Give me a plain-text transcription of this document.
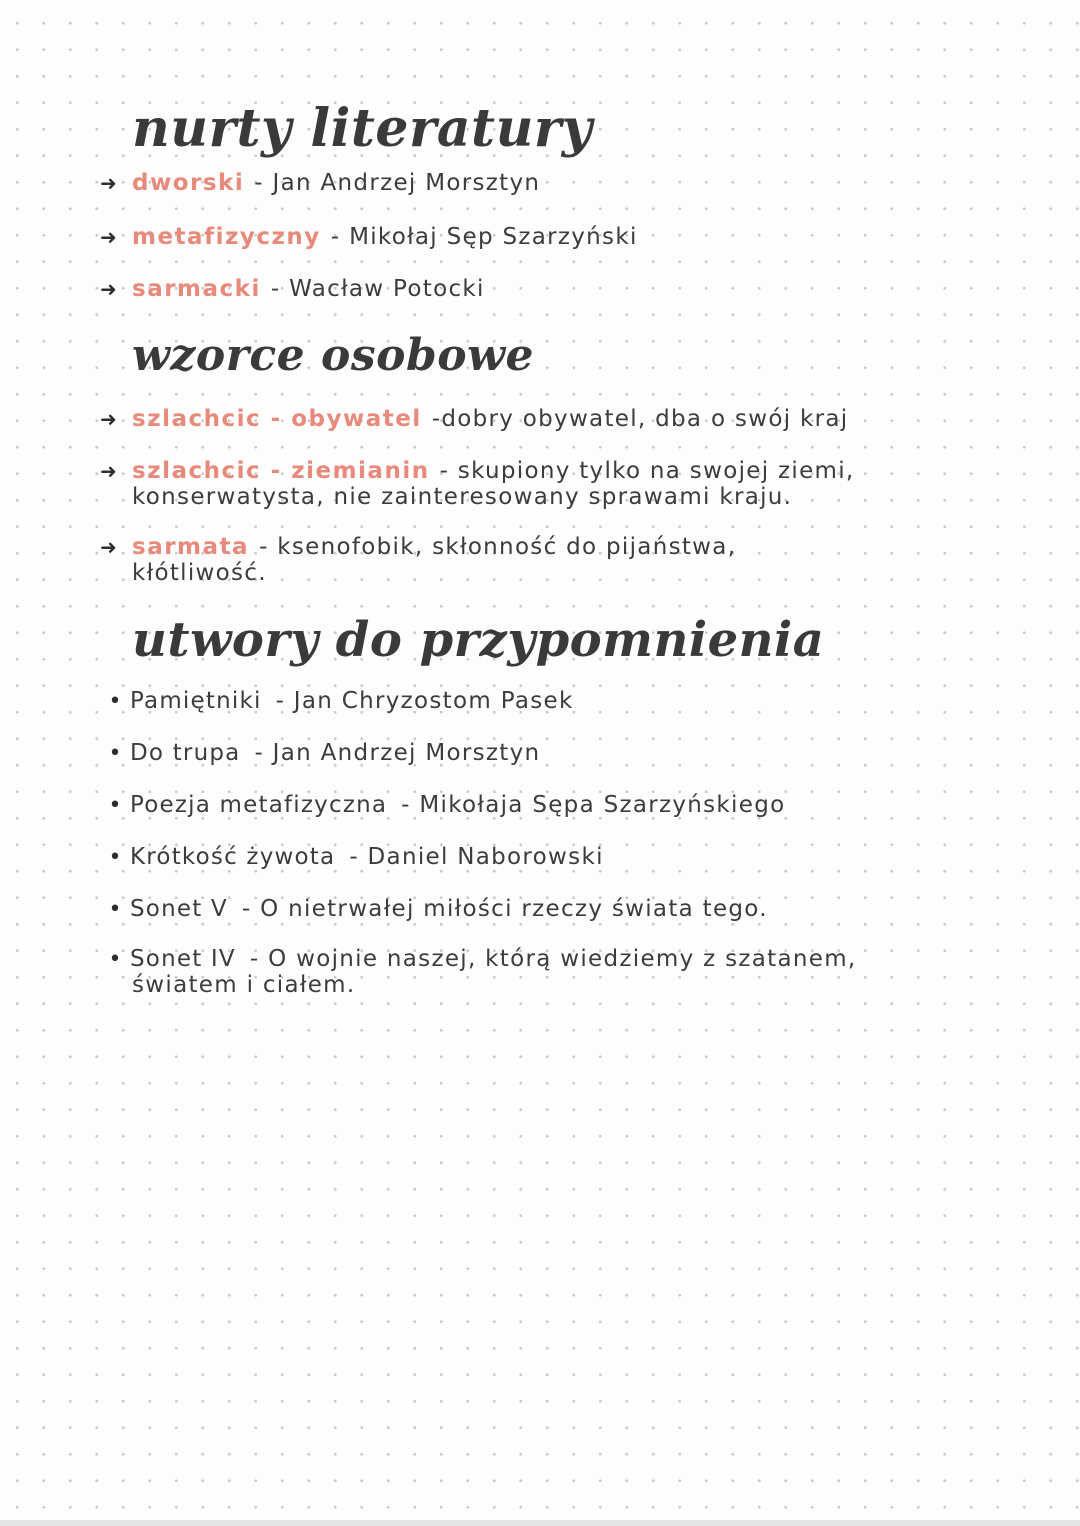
nurty literatury
➜ dworski - Jan Andrzej Morsztyn
➜ metafizyczny - Mikołaj Sęp Szarzyński
➜ sarmacki - Wacław Potocki
wzorce osobowe
➜ szlachcic - obywatel -dobry obywatel, dba o swój kraj
➜ szlachcic - ziemianin - skupiony tylko na swojej ziemi,
konserwatysta, nie zainteresowany sprawami kraju.
➜ sarmata - ksenofobik, skłonność do pijaństwa,
kłótliwość.
utwory do przypomnienia
• Pamiętniki - Jan Chryzostom Pasek
• Do trupa - Jan Andrzej Morsztyn
• Poezja metafizyczna - Mikołaja Sępa Szarzyńskiego
• Krótkość żywota - Daniel Naborowski
• Sonet V - O nietrwałej miłości rzeczy świata tego.
• Sonet IV - O wojnie naszej, którą wiedziemy z szatanem,
światem i ciałem.
